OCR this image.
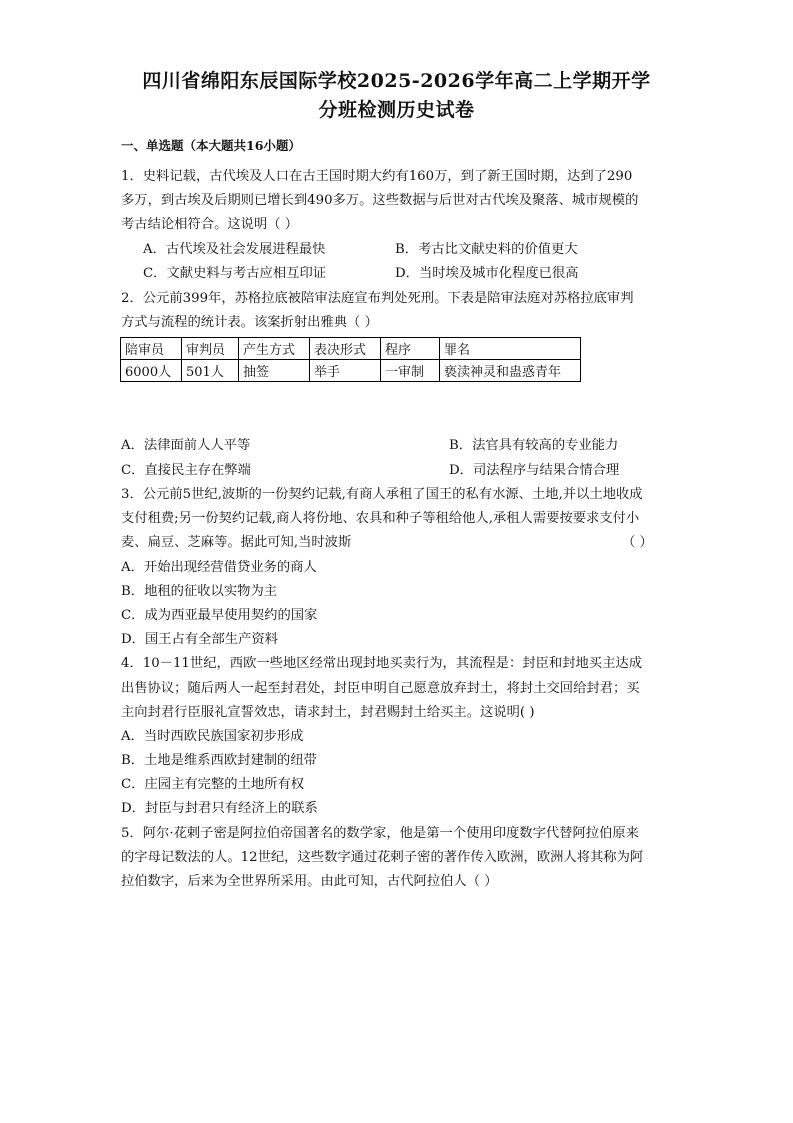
四川省绵阳东辰国际学校2025-2026学年高二上学期开学
分班检测历史试卷
一、单选题（本大题共16小题）
1．史料记载，古代埃及人口在古王国时期大约有160万，到了新王国时期，达到了290
多万，到古埃及后期则已增长到490多万。这些数据与后世对古代埃及聚落、城市规模的
考古结论相符合。这说明（ ）
A．古代埃及社会发展进程最快	B．考古比文献史料的价值更大
C．文献史料与考古应相互印证	D．当时埃及城市化程度已很高
2．公元前399年，苏格拉底被陪审法庭宣布判处死刑。下表是陪审法庭对苏格拉底审判
方式与流程的统计表。该案折射出雅典（ ）
陪审员	审判员	产生方式	表决形式	程序	罪名
6000人	501人	抽签	举手	一审制	亵渎神灵和蛊惑青年
A．法律面前人人平等	B．法官具有较高的专业能力
C．直接民主存在弊端	D．司法程序与结果合情合理
3．公元前5世纪,波斯的一份契约记载,有商人承租了国王的私有水源、土地,并以土地收成
支付租费;另一份契约记载,商人将份地、农具和种子等租给他人,承租人需要按要求支付小
麦、扁豆、芝麻等。据此可知,当时波斯	（ ）
A．开始出现经营借贷业务的商人
B．地租的征收以实物为主
C．成为西亚最早使用契约的国家
D．国王占有全部生产资料
4．10－11世纪，西欧一些地区经常出现封地买卖行为，其流程是：封臣和封地买主达成
出售协议；随后两人一起至封君处，封臣申明自己愿意放弃封土，将封土交回给封君；买
主向封君行臣服礼宣誓效忠，请求封土，封君赐封土给买主。这说明( )
A．当时西欧民族国家初步形成
B．土地是维系西欧封建制的纽带
C．庄园主有完整的土地所有权
D．封臣与封君只有经济上的联系
5．阿尔·花剌子密是阿拉伯帝国著名的数学家，他是第一个使用印度数字代替阿拉伯原来
的字母记数法的人。12世纪，这些数字通过花剌子密的著作传入欧洲，欧洲人将其称为阿
拉伯数字，后来为全世界所采用。由此可知，古代阿拉伯人（ ）
